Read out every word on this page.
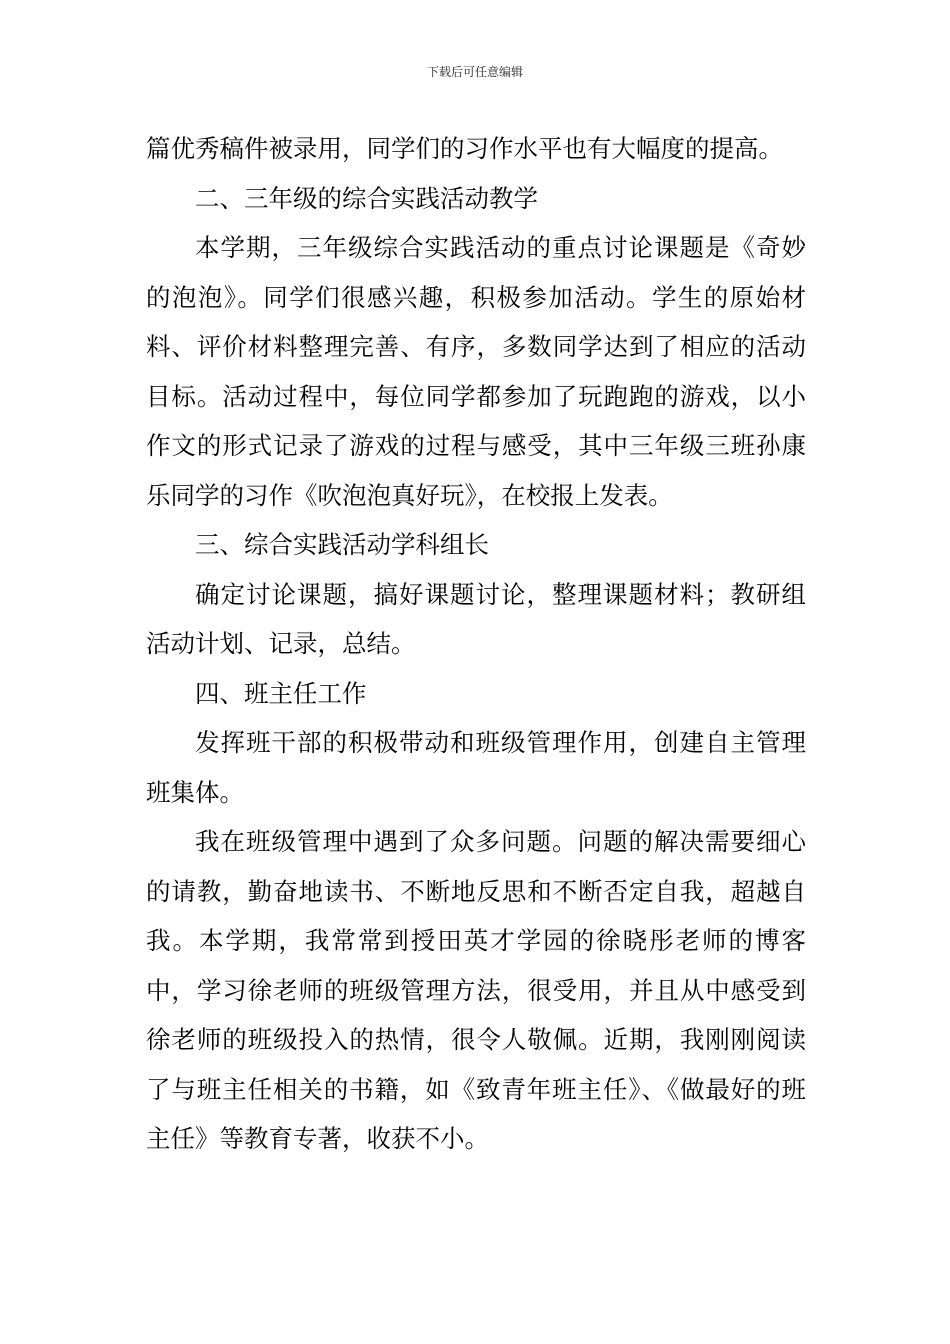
下载后可任意编辑

篇优秀稿件被录用，同学们的习作水平也有大幅度的提高。

二、三年级的综合实践活动教学

本学期，三年级综合实践活动的重点讨论课题是《奇妙的泡泡》。同学们很感兴趣，积极参加活动。学生的原始材料、评价材料整理完善、有序，多数同学达到了相应的活动目标。活动过程中，每位同学都参加了玩跑跑的游戏，以小作文的形式记录了游戏的过程与感受，其中三年级三班孙康乐同学的习作《吹泡泡真好玩》，在校报上发表。

三、综合实践活动学科组长

确定讨论课题，搞好课题讨论，整理课题材料；教研组活动计划、记录，总结。

四、班主任工作

发挥班干部的积极带动和班级管理作用，创建自主管理班集体。

我在班级管理中遇到了众多问题。问题的解决需要细心的请教，勤奋地读书、不断地反思和不断否定自我，超越自我。本学期，我常常到授田英才学园的徐晓彤老师的博客中，学习徐老师的班级管理方法，很受用，并且从中感受到徐老师的班级投入的热情，很令人敬佩。近期，我刚刚阅读了与班主任相关的书籍，如《致青年班主任》、《做最好的班主任》等教育专著，收获不小。
